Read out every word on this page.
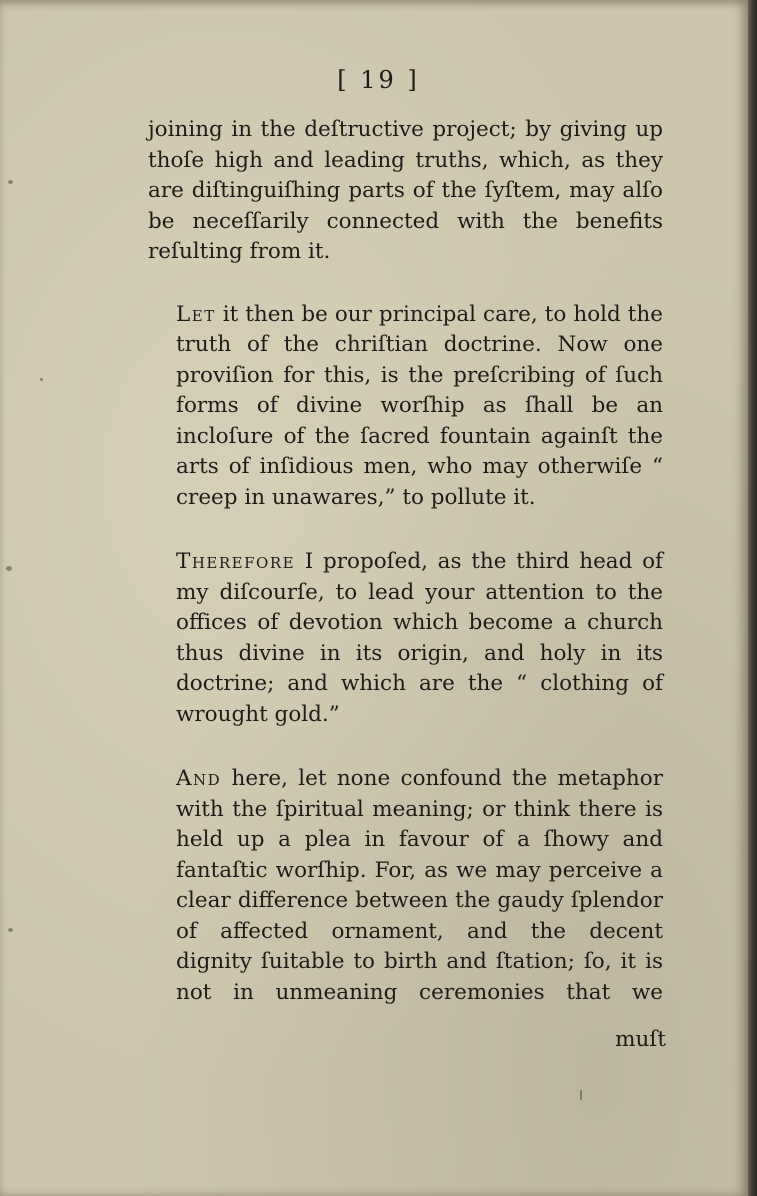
[ 19 ]

joining in the deſtructive project; by giving up thoſe high and leading truths, which, as they are diſtinguiſhing parts of the ſyſtem, may alſo be neceſſarily connected with the benefits reſulting from it.

Let it then be our principal care, to hold the truth of the chriſtian doctrine. Now one proviſion for this, is the preſcribing of ſuch forms of divine worſhip as ſhall be an incloſure of the ſacred fountain againſt the arts of inſidious men, who may otherwiſe “ creep in unawares,” to pollute it.

Therefore I propoſed, as the third head of my diſcourſe, to lead your attention to the offices of devotion which become a church thus divine in its origin, and holy in its doctrine; and which are the “ clothing of wrought gold.”

And here, let none confound the metaphor with the ſpiritual meaning; or think there is held up a plea in favour of a ſhowy and fantaſtic worſhip. For, as we may perceive a clear difference between the gaudy ſplendor of affected ornament, and the decent dignity ſuitable to birth and ſtation; ſo, it is not in unmeaning ceremonies that we

muſt
